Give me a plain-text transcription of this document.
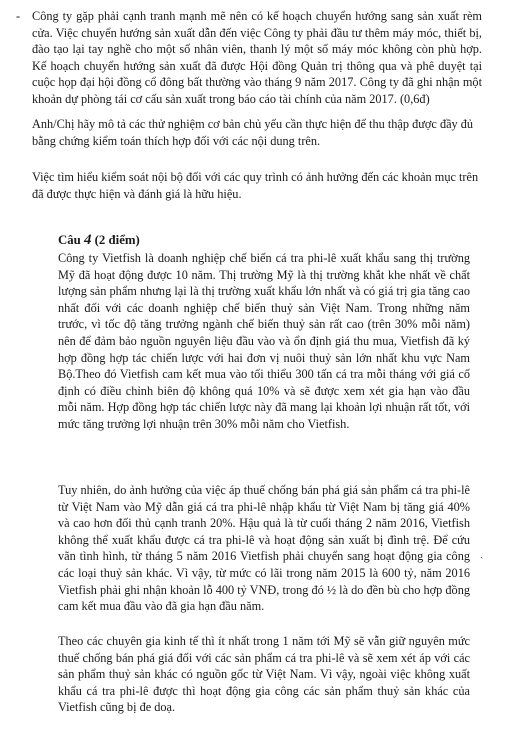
- Công ty gặp phải cạnh tranh mạnh mẽ nên có kế hoạch chuyển hướng sang sản xuất rèm cửa. Việc chuyển hướng sản xuất dẫn đến việc Công ty phải đầu tư thêm máy móc, thiết bị, đào tạo lại tay nghề cho một số nhân viên, thanh lý một số máy móc không còn phù hợp. Kế hoạch chuyển hướng sản xuất đã được Hội đồng Quản trị thông qua và phê duyệt tại cuộc họp đại hội đồng cổ đông bất thường vào tháng 9 năm 2017. Công ty đã ghi nhận một khoản dự phòng tái cơ cấu sản xuất trong báo cáo tài chính của năm 2017. (0,6đ)

Anh/Chị hãy mô tả các thử nghiệm cơ bản chủ yếu cần thực hiện để thu thập được đầy đủ bằng chứng kiểm toán thích hợp đối với các nội dung trên.

Việc tìm hiểu kiểm soát nội bộ đối với các quy trình có ảnh hưởng đến các khoản mục trên đã được thực hiện và đánh giá là hữu hiệu.

Câu 4 (2 điểm)

Công ty Vietfish là doanh nghiệp chế biến cá tra phi-lê xuất khẩu sang thị trường Mỹ đã hoạt động được 10 năm. Thị trường Mỹ là thị trường khắt khe nhất về chất lượng sản phẩm nhưng lại là thị trường xuất khẩu lớn nhất và có giá trị gia tăng cao nhất đối với các doanh nghiệp chế biến thuỷ sản Việt Nam. Trong những năm trước, vì tốc độ tăng trưởng ngành chế biến thuỷ sản rất cao (trên 30% mỗi năm) nên để đảm bảo nguồn nguyên liệu đầu vào và ổn định giá thu mua, Vietfish đã ký hợp đồng hợp tác chiến lược với hai đơn vị nuôi thuỷ sản lớn nhất khu vực Nam Bộ.Theo đó Vietfish cam kết mua vào tối thiểu 300 tấn cá tra mỗi tháng với giá cố định có điều chỉnh biên độ không quá 10% và sẽ được xem xét gia hạn vào đầu mỗi năm. Hợp đồng hợp tác chiến lược này đã mang lại khoản lợi nhuận rất tốt, với mức tăng trưởng lợi nhuận trên 30% mỗi năm cho Vietfish.

Tuy nhiên, do ảnh hưởng của việc áp thuế chống bán phá giá sản phẩm cá tra phi-lê từ Việt Nam vào Mỹ dẫn giá cá tra phi-lê nhập khẩu từ Việt Nam bị tăng giá 40% và cao hơn đối thủ cạnh tranh 20%. Hậu quả là từ cuối tháng 2 năm 2016, Vietfish không thể xuất khẩu được cá tra phi-lê và hoạt động sản xuất bị đình trệ. Để cứu vãn tình hình, từ tháng 5 năm 2016 Vietfish phải chuyển sang hoạt động gia công các loại thuỷ sản khác. Vì vậy, từ mức có lãi trong năm 2015 là 600 tỷ, năm 2016 Vietfish phải ghi nhận khoản lỗ 400 tỷ VNĐ, trong đó ½ là do đền bù cho hợp đồng cam kết mua đầu vào đã gia hạn đầu năm.

Theo các chuyên gia kinh tế thì ít nhất trong 1 năm tới Mỹ sẽ vẫn giữ nguyên mức thuế chống bán phá giá đối với các sản phẩm cá tra phi-lê và sẽ xem xét áp với các sản phẩm thuỷ sản khác có nguồn gốc từ Việt Nam. Vì vậy, ngoài việc không xuất khẩu cá tra phi-lê được thì hoạt động gia công các sản phẩm thuỷ sản khác của Vietfish cũng bị đe doạ.

ˏ
